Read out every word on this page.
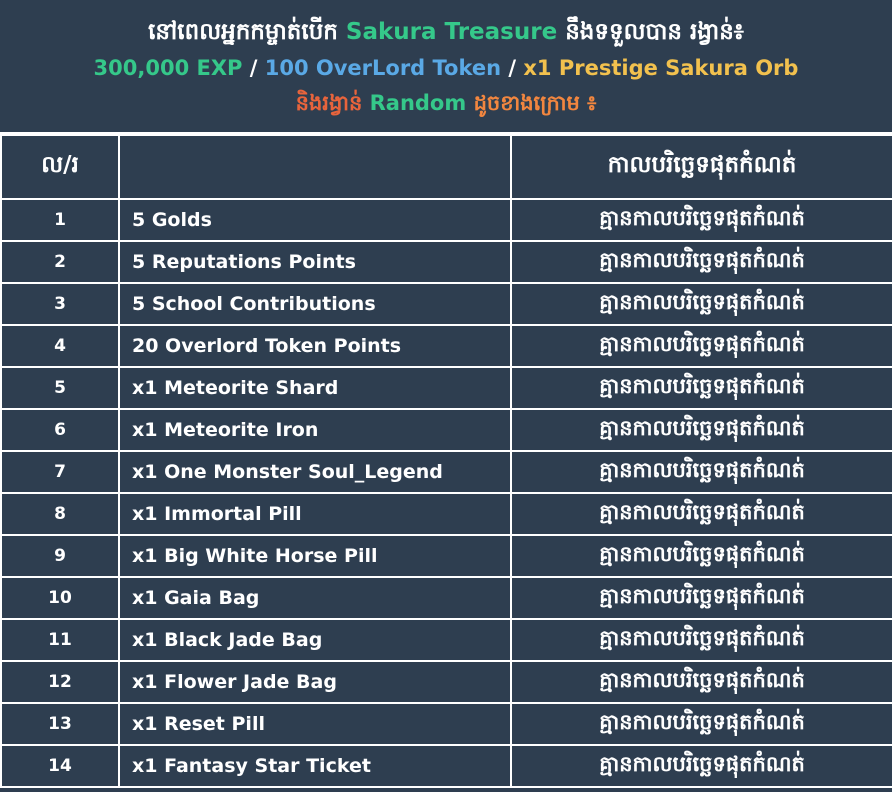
នៅពេលអ្នកកម្ចាត់បើក Sakura Treasure នឹងទទួលបាន រង្វាន់៖
300,000 EXP / 100 OverLord Token / x1 Prestige Sakura Orb
និងរង្វាន់ Random ដូចខាងក្រោម ៖
ល/រ		កាលបរិច្ឆេទផុតកំណត់
1	5 Golds	គ្មានកាលបរិច្ឆេទផុតកំណត់
2	5 Reputations Points	គ្មានកាលបរិច្ឆេទផុតកំណត់
3	5 School Contributions	គ្មានកាលបរិច្ឆេទផុតកំណត់
4	20 Overlord Token Points	គ្មានកាលបរិច្ឆេទផុតកំណត់
5	x1 Meteorite Shard	គ្មានកាលបរិច្ឆេទផុតកំណត់
6	x1 Meteorite Iron	គ្មានកាលបរិច្ឆេទផុតកំណត់
7	x1 One Monster Soul_Legend	គ្មានកាលបរិច្ឆេទផុតកំណត់
8	x1 Immortal Pill	គ្មានកាលបរិច្ឆេទផុតកំណត់
9	x1 Big White Horse Pill	គ្មានកាលបរិច្ឆេទផុតកំណត់
10	x1 Gaia Bag	គ្មានកាលបរិច្ឆេទផុតកំណត់
11	x1 Black Jade Bag	គ្មានកាលបរិច្ឆេទផុតកំណត់
12	x1 Flower Jade Bag	គ្មានកាលបរិច្ឆេទផុតកំណត់
13	x1 Reset Pill	គ្មានកាលបរិច្ឆេទផុតកំណត់
14	x1 Fantasy Star Ticket	គ្មានកាលបរិច្ឆេទផុតកំណត់
